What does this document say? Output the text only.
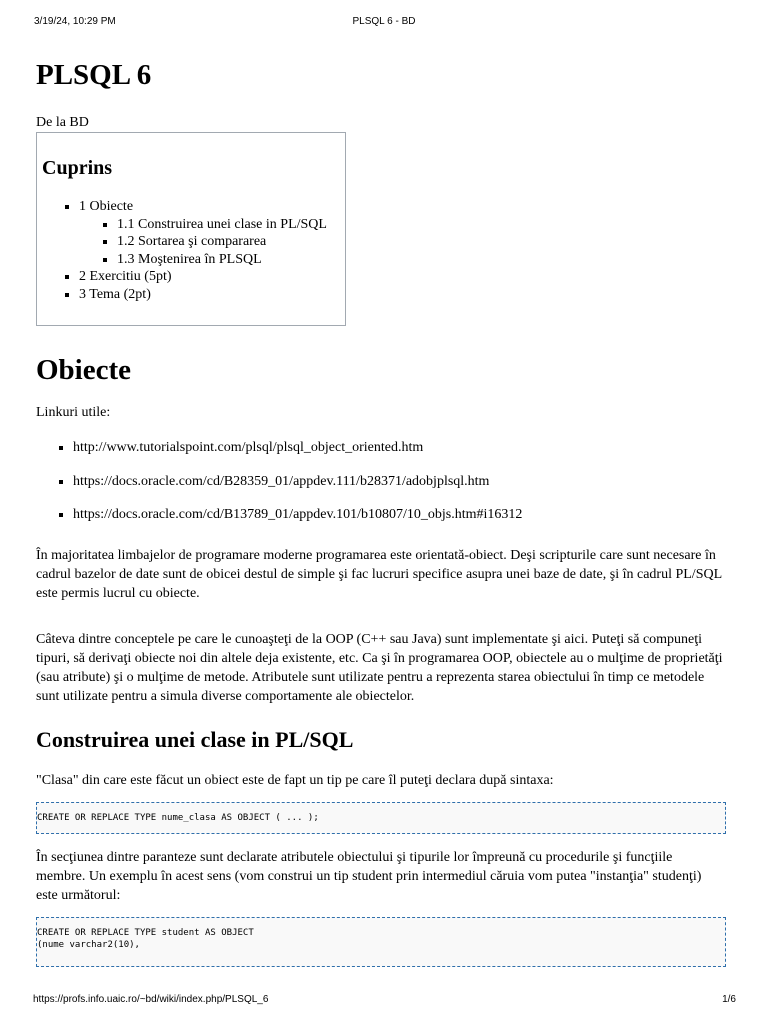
3/19/24, 10:29 PM	PLSQL 6 - BD
PLSQL 6
De la BD
Cuprins
▪ 1 Obiecte
▪ 1.1 Construirea unei clase in PL/SQL
▪ 1.2 Sortarea şi compararea
▪ 1.3 Moştenirea în PLSQL
▪ 2 Exercitiu (5pt)
▪ 3 Tema (2pt)
Obiecte

Linkuri utile:

▪ http://www.tutorialspoint.com/plsql/plsql_object_oriented.htm
▪ https://docs.oracle.com/cd/B28359_01/appdev.111/b28371/adobjplsql.htm
▪ https://docs.oracle.com/cd/B13789_01/appdev.101/b10807/10_objs.htm#i16312

În majoritatea limbajelor de programare moderne programarea este orientată-obiect. Deşi scripturile care sunt necesare în cadrul bazelor de date sunt de obicei destul de simple şi fac lucruri specifice asupra unei baze de date, şi în cadrul PL/SQL este permis lucrul cu obiecte.

Câteva dintre conceptele pe care le cunoaşteţi de la OOP (C++ sau Java) sunt implementate şi aici. Puteţi să compuneţi tipuri, să derivaţi obiecte noi din altele deja existente, etc. Ca şi în programarea OOP, obiectele au o mulţime de proprietăţi (sau atribute) şi o mulţime de metode. Atributele sunt utilizate pentru a reprezenta starea obiectului în timp ce metodele sunt utilizate pentru a simula diverse comportamente ale obiectelor.

Construirea unei clase in PL/SQL

"Clasa" din care este făcut un obiect este de fapt un tip pe care îl puteţi declara după sintaxa:

CREATE OR REPLACE TYPE nume_clasa AS OBJECT ( ... );

În secţiunea dintre paranteze sunt declarate atributele obiectului şi tipurile lor împreună cu procedurile şi funcţiile membre. Un exemplu în acest sens (vom construi un tip student prin intermediul căruia vom putea "instanţia" studenţi) este următorul:

CREATE OR REPLACE TYPE student AS OBJECT
(nume varchar2(10),
https://profs.info.uaic.ro/~bd/wiki/index.php/PLSQL_6	1/6
